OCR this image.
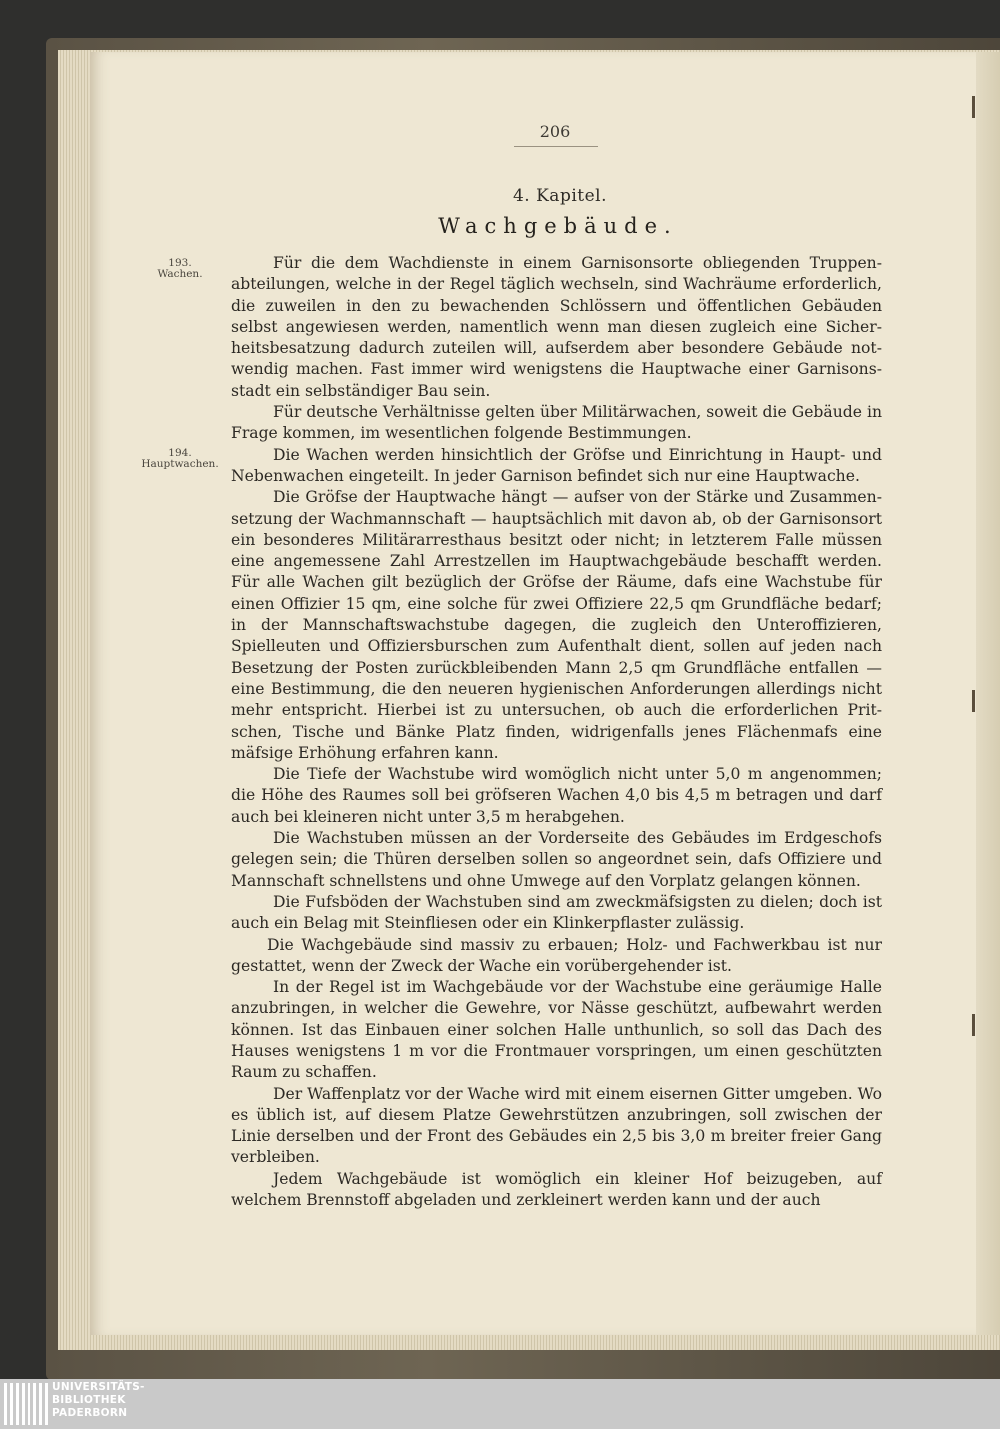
206
4. Kapitel.
Wachgebäude.
193.
Wachen.
194.
Hauptwachen.

Für die dem Wachdienste in einem Garnisonsorte obliegenden Truppenabteilungen, welche in der Regel täglich wechseln, sind Wachräume erforderlich, die zuweilen in den zu bewachenden Schlössern und öffentlichen Gebäuden selbst angewiesen werden, namentlich wenn man diesen zugleich eine Sicherheitsbesatzung dadurch zuteilen will, aufserdem aber besondere Gebäude notwendig machen. Fast immer wird wenigstens die Hauptwache einer Garnisonsstadt ein selbständiger Bau sein.

Für deutsche Verhältnisse gelten über Militärwachen, soweit die Gebäude in Frage kommen, im wesentlichen folgende Bestimmungen.

Die Wachen werden hinsichtlich der Gröfse und Einrichtung in Haupt- und Nebenwachen eingeteilt. In jeder Garnison befindet sich nur eine Hauptwache.

Die Gröfse der Hauptwache hängt — aufser von der Stärke und Zusammensetzung der Wachmannschaft — hauptsächlich mit davon ab, ob der Garnisonsort ein besonderes Militärarresthaus besitzt oder nicht; in letzterem Falle müssen eine angemessene Zahl Arrestzellen im Hauptwachgebäude beschafft werden. Für alle Wachen gilt bezüglich der Gröfse der Räume, dafs eine Wachstube für einen Offizier 15 qm, eine solche für zwei Offiziere 22,5 qm Grundfläche bedarf; in der Mannschaftswachstube dagegen, die zugleich den Unteroffizieren, Spielleuten und Offiziersburschen zum Aufenthalt dient, sollen auf jeden nach Besetzung der Posten zurückbleibenden Mann 2,5 qm Grundfläche entfallen — eine Bestimmung, die den neueren hygienischen Anforderungen allerdings nicht mehr entspricht. Hierbei ist zu untersuchen, ob auch die erforderlichen Pritschen, Tische und Bänke Platz finden, widrigenfalls jenes Flächenmafs eine mäfsige Erhöhung erfahren kann.

Die Tiefe der Wachstube wird womöglich nicht unter 5,0 m angenommen; die Höhe des Raumes soll bei gröfseren Wachen 4,0 bis 4,5 m betragen und darf auch bei kleineren nicht unter 3,5 m herabgehen.

Die Wachstuben müssen an der Vorderseite des Gebäudes im Erdgeschofs gelegen sein; die Thüren derselben sollen so angeordnet sein, dafs Offiziere und Mannschaft schnellstens und ohne Umwege auf den Vorplatz gelangen können.

Die Fufsböden der Wachstuben sind am zweckmäfsigsten zu dielen; doch ist auch ein Belag mit Steinfliesen oder ein Klinkerpflaster zulässig.

Die Wachgebäude sind massiv zu erbauen; Holz- und Fachwerkbau ist nur gestattet, wenn der Zweck der Wache ein vorübergehender ist.

In der Regel ist im Wachgebäude vor der Wachstube eine geräumige Halle anzubringen, in welcher die Gewehre, vor Nässe geschützt, aufbewahrt werden können. Ist das Einbauen einer solchen Halle unthunlich, so soll das Dach des Hauses wenigstens 1 m vor die Frontmauer vorspringen, um einen geschützten Raum zu schaffen.

Der Waffenplatz vor der Wache wird mit einem eisernen Gitter umgeben. Wo es üblich ist, auf diesem Platze Gewehrstützen anzubringen, soll zwischen der Linie derselben und der Front des Gebäudes ein 2,5 bis 3,0 m breiter freier Gang verbleiben.

Jedem Wachgebäude ist womöglich ein kleiner Hof beizugeben, auf welchem Brennstoff abgeladen und zerkleinert werden kann und der auch

UNIVERSITÄTS-
BIBLIOTHEK
PADERBORN
